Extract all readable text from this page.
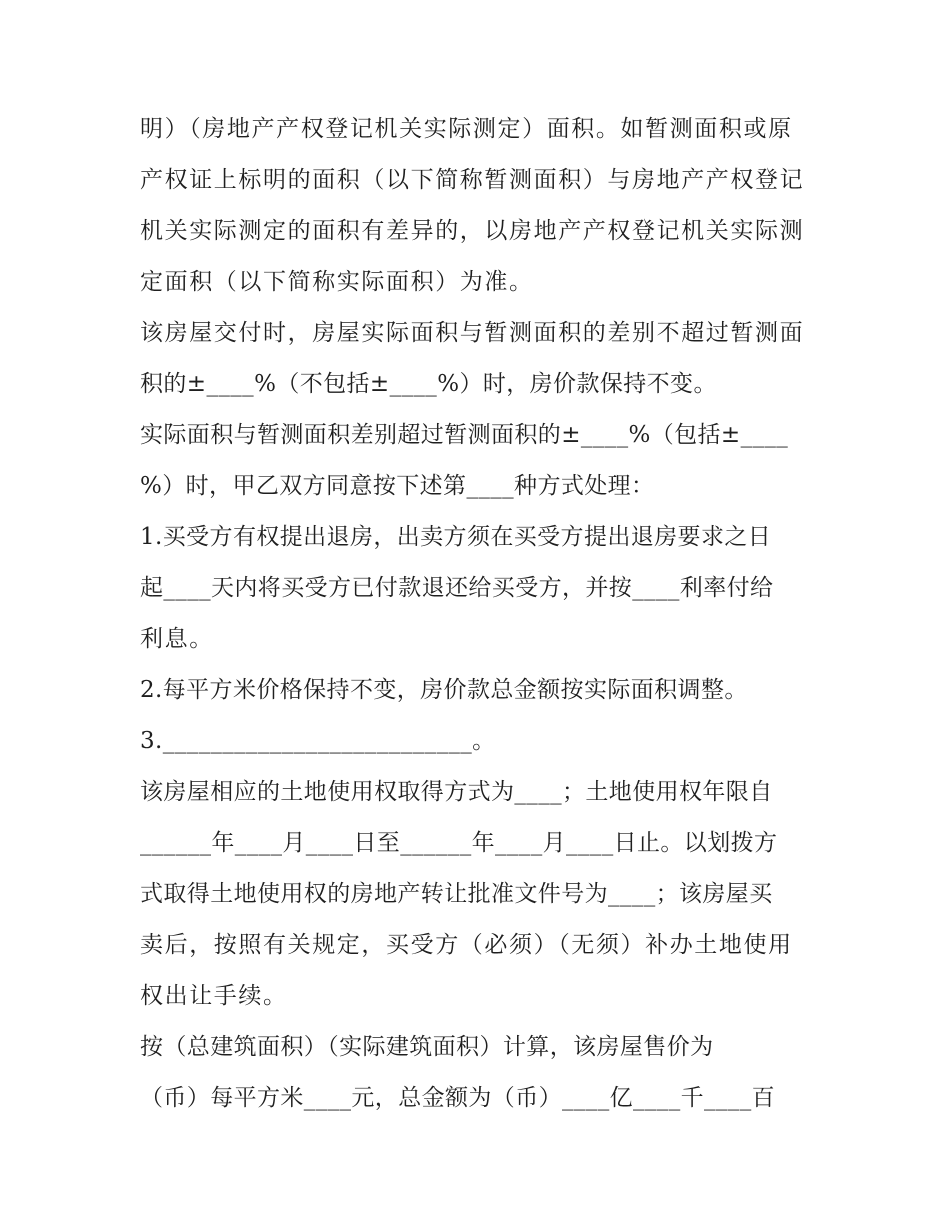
明）（房地产产权登记机关实际测定）面积。如暂测面积或原
产权证上标明的面积（以下简称暂测面积）与房地产产权登记
机关实际测定的面积有差异的，以房地产产权登记机关实际测
定面积（以下简称实际面积）为准。
该房屋交付时，房屋实际面积与暂测面积的差别不超过暂测面
积的±____%（不包括±____%）时，房价款保持不变。
实际面积与暂测面积差别超过暂测面积的±____%（包括±____
%）时，甲乙双方同意按下述第____种方式处理：
1.买受方有权提出退房，出卖方须在买受方提出退房要求之日
起____天内将买受方已付款退还给买受方，并按____利率付给
利息。
2.每平方米价格保持不变，房价款总金额按实际面积调整。
3.__________________________。
该房屋相应的土地使用权取得方式为____；土地使用权年限自
______年____月____日至______年____月____日止。以划拨方
式取得土地使用权的房地产转让批准文件号为____；该房屋买
卖后，按照有关规定，买受方（必须）（无须）补办土地使用
权出让手续。
按（总建筑面积）（实际建筑面积）计算，该房屋售价为
（币）每平方米____元，总金额为（币）____亿____千____百
